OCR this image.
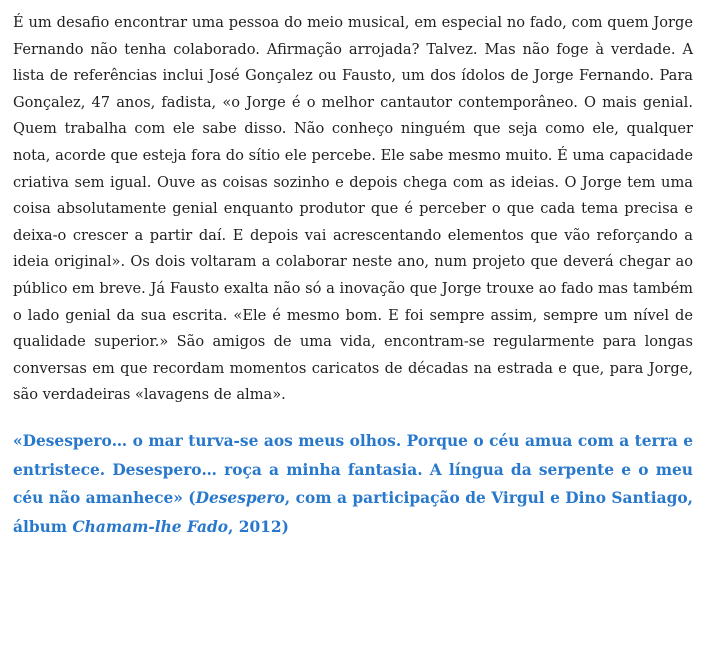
É um desafio encontrar uma pessoa do meio musical, em especial no fado, com quem Jorge Fernando não tenha colaborado. Afirmação arrojada? Talvez. Mas não foge à verdade. A lista de referências inclui José Gonçalez ou Fausto, um dos ídolos de Jorge Fernando. Para Gonçalez, 47 anos, fadista, «o Jorge é o melhor cantautor contemporâneo. O mais genial. Quem trabalha com ele sabe disso. Não conheço ninguém que seja como ele, qualquer nota, acorde que esteja fora do sítio ele percebe. Ele sabe mesmo muito. É uma capacidade criativa sem igual. Ouve as coisas sozinho e depois chega com as ideias. O Jorge tem uma coisa absolutamente genial enquanto produtor que é perceber o que cada tema precisa e deixa-o crescer a partir daí. E depois vai acrescentando elementos que vão reforçando a ideia original». Os dois voltaram a colaborar neste ano, num projeto que deverá chegar ao público em breve. Já Fausto exalta não só a inovação que Jorge trouxe ao fado mas também o lado genial da sua escrita. «Ele é mesmo bom. E foi sempre assim, sempre um nível de qualidade superior.» São amigos de uma vida, encontram-se regularmente para longas conversas em que recordam momentos caricatos de décadas na estrada e que, para Jorge, são verdadeiras «lavagens de alma».

«Desespero… o mar turva-se aos meus olhos. Porque o céu amua com a terra e entristece. Desespero… roça a minha fantasia. A língua da serpente e o meu céu não amanhece» (Desespero, com a participação de Virgul e Dino Santiago, álbum Chamam-lhe Fado, 2012)
